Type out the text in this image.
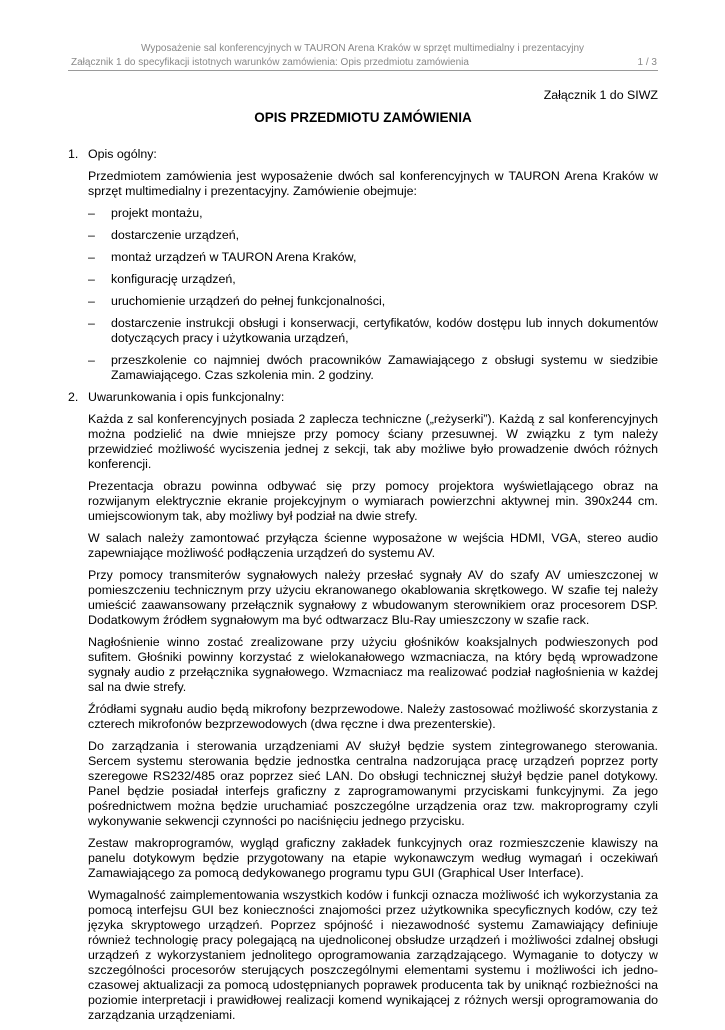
Wyposażenie sal konferencyjnych w TAURON Arena Kraków w sprzęt multimedialny i prezentacyjny
Załącznik 1 do specyfikacji istotnych warunków zamówienia: Opis przedmiotu zamówienia	1 / 3

Załącznik 1 do SIWZ

OPIS PRZEDMIOTU ZAMÓWIENIA
1. Opis ogólny:

Przedmiotem zamówienia jest wyposażenie dwóch sal konferencyjnych w TAURON Arena Kraków w sprzęt multimedialny i prezentacyjny. Zamówienie obejmuje:

– projekt montażu,
– dostarczenie urządzeń,
– montaż urządzeń w TAURON Arena Kraków,
– konfigurację urządzeń,
– uruchomienie urządzeń do pełnej funkcjonalności,
– dostarczenie instrukcji obsługi i konserwacji, certyfikatów, kodów dostępu lub innych dokumentów dotyczących pracy i użytkowania urządzeń,
– przeszkolenie co najmniej dwóch pracowników Zamawiającego z obsługi systemu w siedzibie Zamawiającego. Czas szkolenia min. 2 godziny.
2. Uwarunkowania i opis funkcjonalny:

Każda z sal konferencyjnych posiada 2 zaplecza techniczne („reżyserki”). Każdą z sal konferencyjnych można podzielić na dwie mniejsze przy pomocy ściany przesuwnej. W związku z tym należy przewidzieć możliwość wyciszenia jednej z sekcji, tak aby możliwe było prowadzenie dwóch różnych konferencji.

Prezentacja obrazu powinna odbywać się przy pomocy projektora wyświetlającego obraz na rozwijanym elektrycznie ekranie projekcyjnym o wymiarach powierzchni aktywnej min. 390x244 cm. umiejscowionym tak, aby możliwy był podział na dwie strefy.

W salach należy zamontować przyłącza ścienne wyposażone w wejścia HDMI, VGA, stereo audio zapewniające możliwość podłączenia urządzeń do systemu AV.

Przy pomocy transmiterów sygnałowych należy przesłać sygnały AV do szafy AV umieszczonej w pomieszczeniu technicznym przy użyciu ekranowanego okablowania skrętkowego. W szafie tej należy umieścić zaawansowany przełącznik sygnałowy z wbudowanym sterownikiem oraz procesorem DSP. Dodatkowym źródłem sygnałowym ma być odtwarzacz Blu-Ray umieszczony w szafie rack.

Nagłośnienie winno zostać zrealizowane przy użyciu głośników koaksjalnych podwieszonych pod sufitem. Głośniki powinny korzystać z wielokanałowego wzmacniacza, na który będą wprowadzone sygnały audio z przełącznika sygnałowego. Wzmacniacz ma realizować podział nagłośnienia w każdej sal na dwie strefy.

Źródłami sygnału audio będą mikrofony bezprzewodowe. Należy zastosować możliwość skorzystania z czterech mikrofonów bezprzewodowych (dwa ręczne i dwa prezenterskie).

Do zarządzania i sterowania urządzeniami AV służył będzie system zintegrowanego sterowania. Sercem systemu sterowania będzie jednostka centralna nadzorująca pracę urządzeń poprzez porty szeregowe RS232/485 oraz poprzez sieć LAN. Do obsługi technicznej służył będzie panel dotykowy. Panel będzie posiadał interfejs graficzny z zaprogramowanymi przyciskami funkcyjnymi. Za jego pośrednictwem można będzie uruchamiać poszczególne urządzenia oraz tzw. makroprogramy czyli wykonywanie sekwencji czynności po naciśnięciu jednego przycisku.

Zestaw makroprogramów, wygląd graficzny zakładek funkcyjnych oraz rozmieszczenie klawiszy na panelu dotykowym będzie przygotowany na etapie wykonawczym według wymagań i oczekiwań Zamawiającego za pomocą dedykowanego programu typu GUI (Graphical User Interface).

Wymagalność zaimplementowania wszystkich kodów i funkcji oznacza możliwość ich wykorzystania za pomocą interfejsu GUI bez konieczności znajomości przez użytkownika specyficznych kodów, czy też języka skryptowego urządzeń. Poprzez spójność i niezawodność systemu Zamawiający definiuje również technologię pracy polegającą na ujednoliconej obsłudze urządzeń i możliwości zdalnej obsługi urządzeń z wykorzystaniem jednolitego oprogramowania zarządzającego. Wymaganie to dotyczy w szczególności procesorów sterujących poszczególnymi elementami systemu i możliwości ich jedno-czasowej aktualizacji za pomocą udostępnianych poprawek producenta tak by uniknąć rozbieżności na poziomie interpretacji i prawidłowej realizacji komend wynikającej z różnych wersji oprogramowania do zarządzania urządzeniami.
